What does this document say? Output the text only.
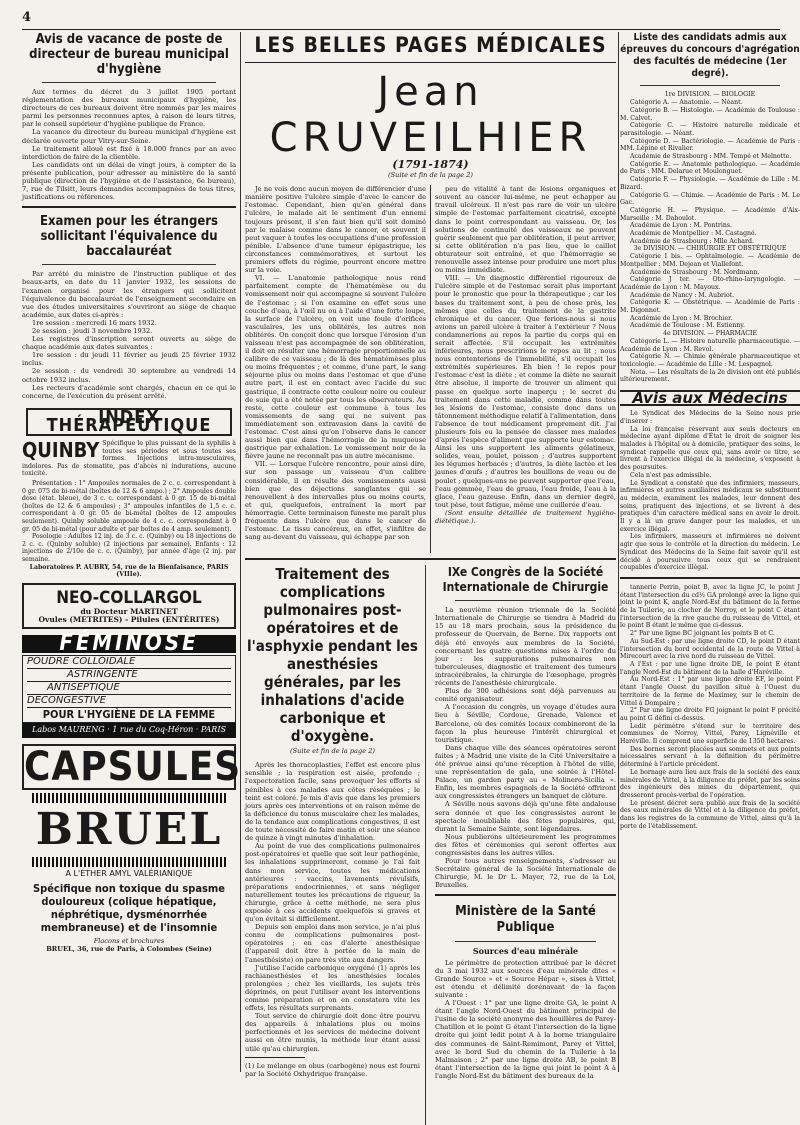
4
Avis de vacance de poste de directeur de bureau municipal d'hygiène

Aux termes du décret du 3 juillet 1905 portant réglementation des bureaux municipaux d'hygiène, les directeurs de ces bureaux doivent être nommés par les maires parmi les personnes reconnues aptes, à raison de leurs titres, par le conseil supérieur d'hygiène publique de France.

La vacance du directeur du bureau municipal d'hygiène est déclarée ouverte pour Vitry-sur-Seine.

Le traitement alloué est fixé à 18.000 francs par an avec interdiction de faire de la clientèle.

Les candidats ont un délai de vingt jours, à compter de la présente publication, pour adresser au ministère de la santé publique (direction de l'hygiène et de l'assistance, 6e bureau), 7, rue de Tilsitt, leurs demandes accompagnées de tous titres, justifications ou références.

Examen pour les étrangers sollicitant l'équivalence du baccalauréat

Par arrêté du ministre de l'instruction publique et des beaux-arts, en date du 11 janvier 1932, les sessions de l'examen organisé pour les étrangers qui sollicitent l'équivalence du baccalauréat de l'enseignement secondaire en vue des études universitaires s'ouvriront au siège de chaque académie, aux dates ci-après :

1re session : mercredi 16 mars 1932.

2e session : jeudi 3 novembre 1932.

Les registres d'inscription seront ouverts au siège de chaque académie aux dates suivantes :

1re session : du jeudi 11 février au jeudi 25 février 1932 inclus.

2e session : du vendredi 30 septembre au vendredi 14 octobre 1932 inclus.

Les recteurs d'académie sont chargés, chacun en ce qui le concerne, de l'exécution du présent arrêté.

INDEX THÉRAPEUTIQUE
QUINBY Spécifique le plus puissant de la syphilis à toutes ses périodes et sous toutes ses formes. Injections intra-musculaires, indolores. Pas de stomatite, pas d'abcès ni indurations, aucune toxicité.

Présentation : 1° Ampoules normales de 2 c. c. correspondant à 0 gr. 075 de bi-métal (boîtes de 12 & 6 ampo.) ; 2° Ampoules double dose (état. bleue), de 3 c. c. correspondant à 0 gr. 15 de bi-métal (boîtes de 12 & 6 ampoules) ; 3° ampoules infantiles de 1,5 c. c. correspondant à 0 gr. 05 de bi-métal (boîtes de 12 ampoules seulement). Quinby soluble ampoule de 4 c. c. correspondant à 0 gr. 05 de bi-métal (pour adulte et par boîtes de 4 amp. seulement).

Posologie : Adultes 12 inj. de 3 c. c. (Quinby) ou 18 injections de 2 c. c. (Quinby soluble) (2 injections par semaine). Enfants : 12 injections de 2/10e de c. c. (Quinby), par année d'âge (2 inj. par semaine.

Laboratoires P. AUBRY, 54, rue de la Bienfaisance, PARIS (VIIIe).

NEO-COLLARGOL
du Docteur MARTINET
Ovules (METRITES) - Pilules (ENTÉRITES)
FÉMINOSE
POUDRE COLLOIDALE
ASTRINGENTE
ANTISEPTIQUE
DECONGESTIVE
POUR L'HYGIÈNE DE LA FEMME
Labos MAURENG · 1 rue du Coq-Héron · PARIS
CAPSULES
BRUEL
A L'ÉTHER AMYL VALÉRIANIQUE
Spécifique non toxique du spasme douloureux (colique hépatique, néphrétique, dysménorrhée membraneuse) et de l'insomnie
Flacons et brochures
BRUEL, 36, rue de Paris, à Colombes (Seine)
LES BELLES PAGES MÉDICALES
Jean CRUVEILHIER
(1791-1874)
(Suite et fin de la page 2)

Je ne vois donc aucun moyen de différencier d'une manière positive l'ulcère simple d'avec le cancer de l'estomac. Cependant, bien qu'en général dans l'ulcère, le malade ait le sentiment d'un ennemi toujours présent, il s'en faut bien qu'il soit dominé par le malaise comme dans le cancer, et souvent il peut vaquer à toutes les occupations d'une profession pénible. L'absence d'une tumeur épigastrique, les circonstances commémoratives, et surtout les premiers effets du régime, pourront encore mettre sur la voie.

VI. — L'anatomie pathologique nous rend parfaitement compte de l'hématémèse ou du vomissement noir qui accompagne si souvent l'ulcère de l'estomac ; si l'on examine en effet sous une couche d'eau, à l'œil nu ou à l'aide d'une forte loupe, la surface de l'ulcère, on voit une foule d'orifices vasculaires, les uns oblitérés, les autres non oblitérés. On conçoit donc que lorsque l'érosion d'un vaisseau n'est pas accompagnée de son oblitération, il doit en résulter une hémorragie proportionnelle au calibre de ce vaisseau ; de là des hématémèses plus ou moins fréquentes ; et comme, d'une part, le sang séjourne plus ou moins dans l'estomac et que d'une autre part, il est en contact avec l'acide du suc gastrique, il contracte cette couleur noire ou couleur de suie qui a été notée par tous les observateurs. Au reste, cette couleur est commune à tous les vomissements de sang qui ne suivent pas immédiatement son extravasion dans la cavité de l'estomac. C'est ainsi qu'on l'observe dans le cancer aussi bien que dans l'hémorragie de la muqueuse gastrique par exhalation. Le vomissement noir de la fièvre jaune ne reconnaît pas un autre mécanisme.

VII. — Lorsque l'ulcère rencontre, pour ainsi dire, sur son passage un vaisseau d'un calibre considérable, il en résulte des vomissements aussi bien que des déjections sanglantes qui se renouvellent à des intervalles plus ou moins courts, et qui, quelquefois, entraînent la mort par hémorragie. Cette terminaison funeste me paraît plus fréquente dans l'ulcère que dans le cancer de l'estomac. Le tissu cancéreux, en effet, s'infiltre de sang au-devant du vaisseau, qui échappe par son

peu de vitalité à tant de lésions organiques et souvent au cancer lui-même, ne peut échapper au travail ulcéreux. Il n'est pas rare de voir un ulcère simple de l'estomac parfaitement cicatrisé, excepté dans le point correspondant au vaisseau. Or, les solutions de continuité des vaisseaux ne peuvent guérir seulement que par oblitération, il peut arriver, si cette oblitération n'a pas lieu, que le caillot obturateur soit entraîné, et que l'hémorragie se renouvelle assez intense pour produire une mort plus ou moins immédiate.

VIII. — Un diagnostic différentiel rigoureux de l'ulcère simple et de l'estomac serait plus important pour le pronostic que pour la thérapeutique ; car les bases du traitement sont, à peu de chose près, les mêmes que celles du traitement de la gastrite chronique et du cancer. Que ferions-nous si nous avions un pareil ulcère à traiter à l'extérieur ? Nous condamnerions au repos la partie du corps qui en serait affectée. S'il occupait les extrémités inférieures, nous prescririons le repos au lit ; nous nous contenterions de l'immobilité, s'il occupait les extrémités supérieures. Eh bien ! le repos pour l'estomac c'est la diète ; et comme la diète ne saurait être absolue, il importe de trouver un aliment qui passe en quelque sorte inaperçu ; le secret du traitement dans cette maladie, comme dans toutes les lésions de l'estomac, consiste donc dans un tâtonnement méthodique relatif à l'alimentation, dans l'absence de tout médicament proprement dit. J'ai plusieurs fois eu la pensée de classer mes malades d'après l'espèce d'aliment que supporte leur estomac. Ainsi les uns supportent les aliments gélatineux, solides, veau, poulet, poisson ; d'autres supportent les légumes herbacés ; d'autres, la diète lactée et les jaunes d'œufs ; d'autres les bouillons de veau ou de poulet ; quelques-uns ne peuvent supporter que l'eau, l'eau gommée, l'eau de gruau, l'eau froide, l'eau à la glace, l'eau gazeuse. Enfin, dans un dernier degré, tout pèse, tout fatigue, même une cuillerée d'eau.

(Sont ensuite détaillée de traitement hygiéno-diététique.).

Traitement des complications pulmonaires post-opératoires et de l'asphyxie pendant les anesthésies générales, par les inhalations d'acide carbonique et d'oxygène.
(Suite et fin de la page 2)

Après les thoracoplasties, l'effet est encore plus sensible ; la respiration est aisée, profonde ; l'expectoration facile, sans provoquer les efforts si pénibles à ces malades aux côtes réséquées ; le teint est coloré. Je mis d'avis que dans les premiers jours après ces interventions et en raison même de la déficience du tonus musculaire chez les malades, de la tendance aux complications congestives, il est de toute nécessité de faire matin et soir une séance de quinze à vingt minutes d'inhalation.

Au point de vue des complications pulmonaires post-opératoires et quelle que soit leur pathogénie, les inhalations supprimeront, comme je l'ai fait dans mon service, toutes les médications antérieures : vaccins, lavements révulsifs, préparations endocriniennes, et sans négliger naturellement toutes les précautions de rigueur, la chirurgie, grâce à cette méthode, ne sera plus exposée à ces accidents quelquefois si graves et qu'on évitait si difficilement.

Depuis son emploi dans mon service, je n'ai plus connu de complications pulmonaires post-opératoires ; en cas d'alerte anesthésique (l'appareil doit être à portée de la main de l'anesthésiste) on pare très vite aux dangers.

J'utilise l'acide carbonique oxygéné (1) après les rachianesthésies et les anesthésies locales prolongées ; chez les vieillards, les sujets très déprimés, on peut l'utiliser avant les interventions comme préparation et on en constatera vite les effets, les résultats surprenants.

Tout service de chirurgie doit donc être pourvu des appareils à inhalations plus ou moins perfectionnés et les services de médecine doivent aussi en être munis, la méthode leur étant aussi utile qu'au chirurgien.

(1) Le mélange en obus (carbogène) nous est fourni par la Société Oxhydrique française.

IXe Congrès de la Société Internationale de Chirurgie

La neuvième réunion triennale de la Société Internationale de Chirurgie se tiendra à Madrid du 15 au 18 mars prochain, sous la présidence du professeur de Quervain, de Berne. Dix rapports ont déjà été envoyés aux membres de la Société, concernant les quatre questions mises à l'ordre du jour : les suppurations pulmonaires non tuberculeuses, diagnostic et traitement des tumeurs intracérébrales, la chirurgie de l'œsophage, progrès récents de l'anesthésie chirurgicale.

Plus de 300 adhésions sont déjà parvenues au comité organisateur.

A l'occasion du congrès, un voyage d'études aura lieu à Séville, Cordoue, Grenade, Valence et Barcelone, où des comités locaux combineront de la façon la plus heureuse l'intérêt chirurgical et touristique.

Dans chaque ville des séances opératoires seront faites ; à Madrid une visite de la Cité Universitaire a été prévue ainsi qu'une réception à l'hôtel de ville, une représentation de gala, une soirée à l'Hôtel-Palace, un garden party au « Molinero-Sicilia ». Enfin, les membres espagnols de la Société offriront aux congressistes étrangers un banquet de clôture.

A Séville nous savons déjà qu'une fête andalouse sera donnée et que les congressistes auront le spectacle inoubliable des fêtes populaires, qui, durant la Semaine Sainte, sont légendaires.

Nous publierons ultérieurement les programmes des fêtes et cérémonies qui seront offertes aux congressistes dans les autres villes.

Pour tous autres renseignements, s'adresser au Secrétaire général de la Société Internationale de Chirurgie, M. le Dr L. Mayer, 72, rue de la Loi, Bruxelles.

Ministère de la Santé Publique
Sources d'eau minérale

Le périmètre de protection attribué par le décret du 3 mai 1932 aux sources d'eau minérale dites « Grande Source » et « Source Hépar », sises à Vittel, est étendu et délimité dorénavant de la façon suivante :

A l'Ouest : 1° par une ligne droite GA, le point A étant l'angle Nord-Ouest du bâtiment principal de l'usine de la société anonyme des houillères de Parey-Chatillon et le point G étant l'intersection de la ligne droite qui joint ledit point A à la borne triangulaire des communes de Saint-Remimont, Parey et Vittel, avec le bord Sud du chemin de la Tuilerie à la Malmaison ; 2° par une ligne droite AB, le point B étant l'intersection de la ligne qui joint le point A à l'angle Nord-Est du bâtiment des bureaux de la

Liste des candidats admis aux épreuves du concours d'agrégation des facultés de médecine (1er degré).
1re DIVISION. — BIOLOGIE

Catégorie A. — Anatomie. — Néant.

Catégorie B. — Histologie. — Académie de Toulouse : M. Calvet.

Catégorie C. — Histoire naturelle médicale et parasitologie. — Néant.

Catégorie D. — Bactériologie. — Académie de Paris : MM. Lépine et Rivalier.

Académie de Strasbourg : MM. Tempé et Melnotte.

Catégorie E. — Anatomie pathologique. — Académie de Paris : MM. Delarue et Moulonguet.

Catégorie F. — Physiologie. — Académie de Lille : M. Bizard.

Catégorie G. — Chimie. — Académie de Paris : M. Le Gac.

Catégorie H. — Physique. — Académie d'Aix-Marseille : M. Daboulot.

Académie de Lyon : M. Pontrins.

Académie de Montpellier : M. Castagné.

Académie de Strasbourg : Mlle Achard.

3e DIVISION. — CHIRURGIE ET OBSTÉTRIQUE

Catégorie I bis. — Ophtalmologie. — Académie de Montpellier : MM. Dejean et Viallefont.

Académie de Strasbourg : M. Nordmann.

Catégorie J ter. — Oto-rhino-laryngologie. — Académie de Lyon : M. Mayoux.

Académie de Nancy : M. Aubriot.

Catégorie K. — Obstétrique. — Académie de Paris : M. Digonnet.

Académie de Lyon : M. Brochier.

Académie de Toulouse : M. Estienny.

4e DIVISION. — PHARMACIE

Catégorie L. — Histoire naturelle pharmaceutique. — Académie de Lyon : M. Revol.

Catégorie N. — Chimie générale pharmaceutique et toxicologie. — Académie de Lille : M. Lespagnol.

Nota. — Les résultats de la 2e division ont été publiés ultérieurement.

Avis aux Médecins

Le Syndicat des Médecins de la Seine nous prie d'insérer :

La loi française réservant aux seuls docteurs en médecine ayant diplôme d'État le droit de soigner les malades à l'hôpital ou à domicile, pratiquer des soins, le syndicat rappelle que ceux qui, sans avoir ce titre, se livrent à l'exercice illégal de la médecine, s'exposent à des poursuites.

Cela n'est pas admissible.

Le Syndicat a constaté que des infirmiers, masseurs, infirmières et autres auxiliaires médicaux se substituent au médecin, examinent les malades, leur donnent des soins, pratiquent des injections, et se livrent à des pratiques d'un caractère médical sans en avoir le droit. Il y a là un grave danger pour les malades, et un exercice illégal.

Les infirmiers, masseurs et infirmières ne doivent agir que sous le contrôle et la direction du médecin. Le Syndicat des Médecins de la Seine fait savoir qu'il est décidé à poursuivre tous ceux qui se rendraient coupables d'exercice illégal.

tannerie Perrin, point B, avec la ligne JC, le point J étant l'intersection du cd½ GA prolongé avec la ligne qui joint le point K, angle Nord-Est du bâtiment de la ferme de la Tuilerie, au clocher de Norroy, et le point C étant l'intersection de la rive gauche du ruisseau de Vittel, et le point B étant le même que ci-dessus.

2° Par une ligne BC joignant les points B et C.

Au Sud-Est : par une ligne droite CD, le point D étant l'intersection du bord occidental de la route de Vittel à Mirecourt avec la rive nord du ruisseau de Vittel.

A l'Est : par une ligne droite DE, le point E étant l'angle Nord-Est du bâtiment de la halle d'Haréville.

Au Nord-Est : 1° par une ligne droite EF, le point F étant l'angle Ouest du pavillon situé à l'Ouest du territoire de la ferme de Maximey, sur le chemin de Vittel à Dompaire ;

2° Par une ligne droite FG joignant le point F précité au point G défini ci-dessus.

Ledit périmètre s'étend sur le territoire des communes de Norroy, Vittel, Parey, Lignéville et Haréville. Il comprend une superficie de 1350 hectares.

Des bornes seront placées aux sommets et aux points nécessaires servant à la définition du périmètre déterminé à l'article précédent.

Le bornage aura lieu aux frais de la société des eaux minérales de Vittel, à la diligence du préfet, par les soins des ingénieurs des mines du département, qui dresseront procès-verbal de l'opération.

Le présent décret sera publié aux frais de la société des eaux minérales de Vittel et à la diligence du préfet, dans les registres de la commune de Vittel, ainsi qu'à la porte de l'établissement.
